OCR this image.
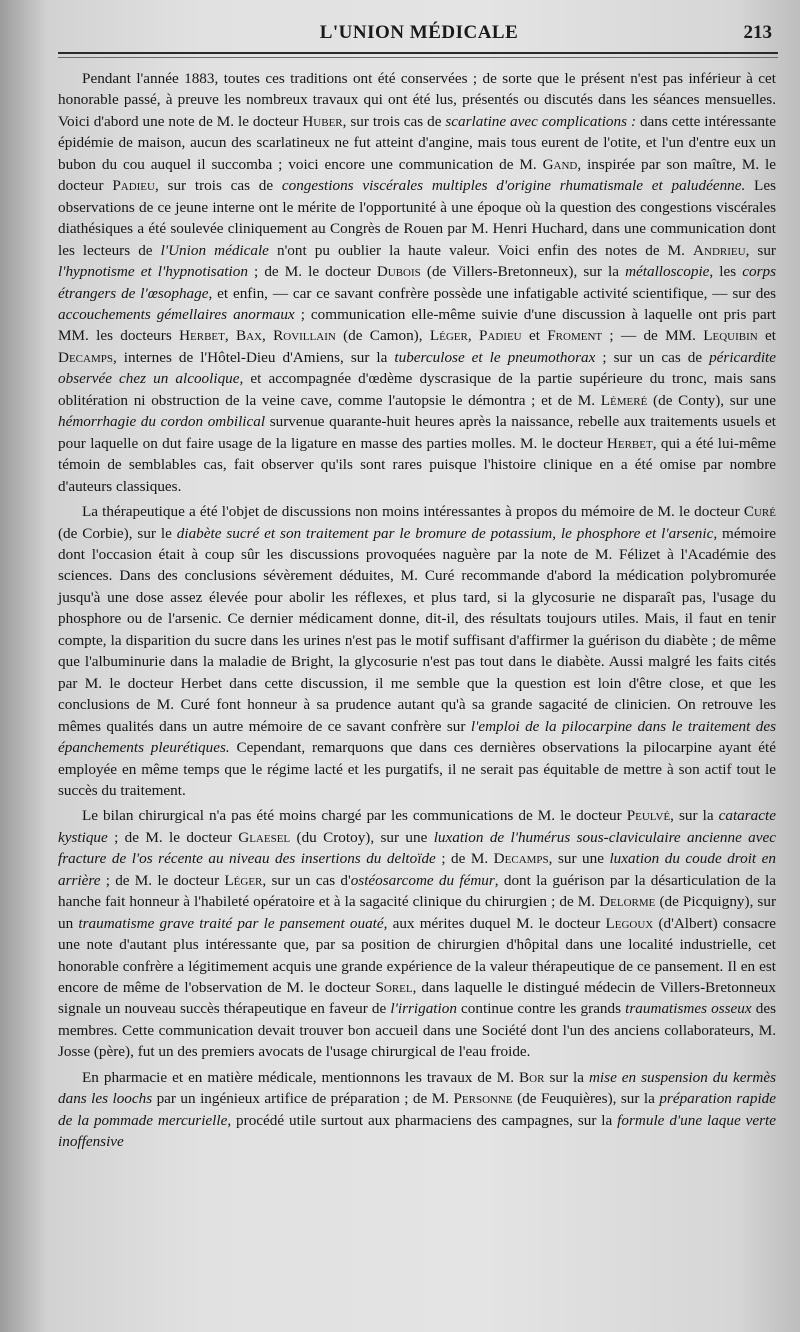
L'UNION MÉDICALE	213

Pendant l'année 1883, toutes ces traditions ont été conservées ; de sorte que le présent n'est pas inférieur à cet honorable passé, à preuve les nombreux travaux qui ont été lus, présentés ou discutés dans les séances mensuelles. Voici d'abord une note de M. le docteur Huber, sur trois cas de scarlatine avec complications : dans cette intéressante épidémie de maison, aucun des scarlatineux ne fut atteint d'angine, mais tous eurent de l'otite, et l'un d'entre eux un bubon du cou auquel il succomba ; voici encore une communication de M. Gand, inspirée par son maître, M. le docteur Padieu, sur trois cas de congestions viscérales multiples d'origine rhumatismale et paludéenne. Les observations de ce jeune interne ont le mérite de l'opportunité à une époque où la question des congestions viscérales diathésiques a été soulevée cliniquement au Congrès de Rouen par M. Henri Huchard, dans une communication dont les lecteurs de l'Union médicale n'ont pu oublier la haute valeur. Voici enfin des notes de M. Andrieu, sur l'hypnotisme et l'hypnotisation ; de M. le docteur Dubois (de Villers-Bretonneux), sur la métalloscopie, les corps étrangers de l'œsophage, et enfin, — car ce savant confrère possède une infatigable activité scientifique, — sur des accouchements gémellaires anormaux ; communication elle-même suivie d'une discussion à laquelle ont pris part MM. les docteurs Herbet, Bax, Rovillain (de Camon), Léger, Padieu et Froment ; — de MM. Lequibin et Decamps, internes de l'Hôtel-Dieu d'Amiens, sur la tuberculose et le pneumothorax ; sur un cas de péricardite observée chez un alcoolique, et accompagnée d'œdème dyscrasique de la partie supérieure du tronc, mais sans oblitération ni obstruction de la veine cave, comme l'autopsie le démontra ; et de M. Lémeré (de Conty), sur une hémorrhagie du cordon ombilical survenue quarante-huit heures après la naissance, rebelle aux traitements usuels et pour laquelle on dut faire usage de la ligature en masse des parties molles. M. le docteur Herbet, qui a été lui-même témoin de semblables cas, fait observer qu'ils sont rares puisque l'histoire clinique en a été omise par nombre d'auteurs classiques.

La thérapeutique a été l'objet de discussions non moins intéressantes à propos du mémoire de M. le docteur Curé (de Corbie), sur le diabète sucré et son traitement par le bromure de potassium, le phosphore et l'arsenic, mémoire dont l'occasion était à coup sûr les discussions provoquées naguère par la note de M. Félizet à l'Académie des sciences. Dans des conclusions sévèrement déduites, M. Curé recommande d'abord la médication polybromurée jusqu'à une dose assez élevée pour abolir les réflexes, et plus tard, si la glycosurie ne disparaît pas, l'usage du phosphore ou de l'arsenic. Ce dernier médicament donne, dit-il, des résultats toujours utiles. Mais, il faut en tenir compte, la disparition du sucre dans les urines n'est pas le motif suffisant d'affirmer la guérison du diabète ; de même que l'albuminurie dans la maladie de Bright, la glycosurie n'est pas tout dans le diabète. Aussi malgré les faits cités par M. le docteur Herbet dans cette discussion, il me semble que la question est loin d'être close, et que les conclusions de M. Curé font honneur à sa prudence autant qu'à sa grande sagacité de clinicien. On retrouve les mêmes qualités dans un autre mémoire de ce savant confrère sur l'emploi de la pilocarpine dans le traitement des épanchements pleurétiques. Cependant, remarquons que dans ces dernières observations la pilocarpine ayant été employée en même temps que le régime lacté et les purgatifs, il ne serait pas équitable de mettre à son actif tout le succès du traitement.

Le bilan chirurgical n'a pas été moins chargé par les communications de M. le docteur Peulvé, sur la cataracte kystique ; de M. le docteur Glaesel (du Crotoy), sur une luxation de l'humérus sous-claviculaire ancienne avec fracture de l'os récente au niveau des insertions du deltoïde ; de M. Decamps, sur une luxation du coude droit en arrière ; de M. le docteur Léger, sur un cas d'ostéosarcome du fémur, dont la guérison par la désarticulation de la hanche fait honneur à l'habileté opératoire et à la sagacité clinique du chirurgien ; de M. Delorme (de Picquigny), sur un traumatisme grave traité par le pansement ouaté, aux mérites duquel M. le docteur Legoux (d'Albert) consacre une note d'autant plus intéressante que, par sa position de chirurgien d'hôpital dans une localité industrielle, cet honorable confrère a légitimement acquis une grande expérience de la valeur thérapeutique de ce pansement. Il en est encore de même de l'observation de M. le docteur Sorel, dans laquelle le distingué médecin de Villers-Bretonneux signale un nouveau succès thérapeutique en faveur de l'irrigation continue contre les grands traumatismes osseux des membres. Cette communication devait trouver bon accueil dans une Société dont l'un des anciens collaborateurs, M. Josse (père), fut un des premiers avocats de l'usage chirurgical de l'eau froide.

En pharmacie et en matière médicale, mentionnons les travaux de M. Bor sur la mise en suspension du kermès dans les loochs par un ingénieux artifice de préparation ; de M. Personne (de Feuquières), sur la préparation rapide de la pommade mercurielle, procédé utile surtout aux pharmaciens des campagnes, sur la formule d'une laque verte inoffensive
